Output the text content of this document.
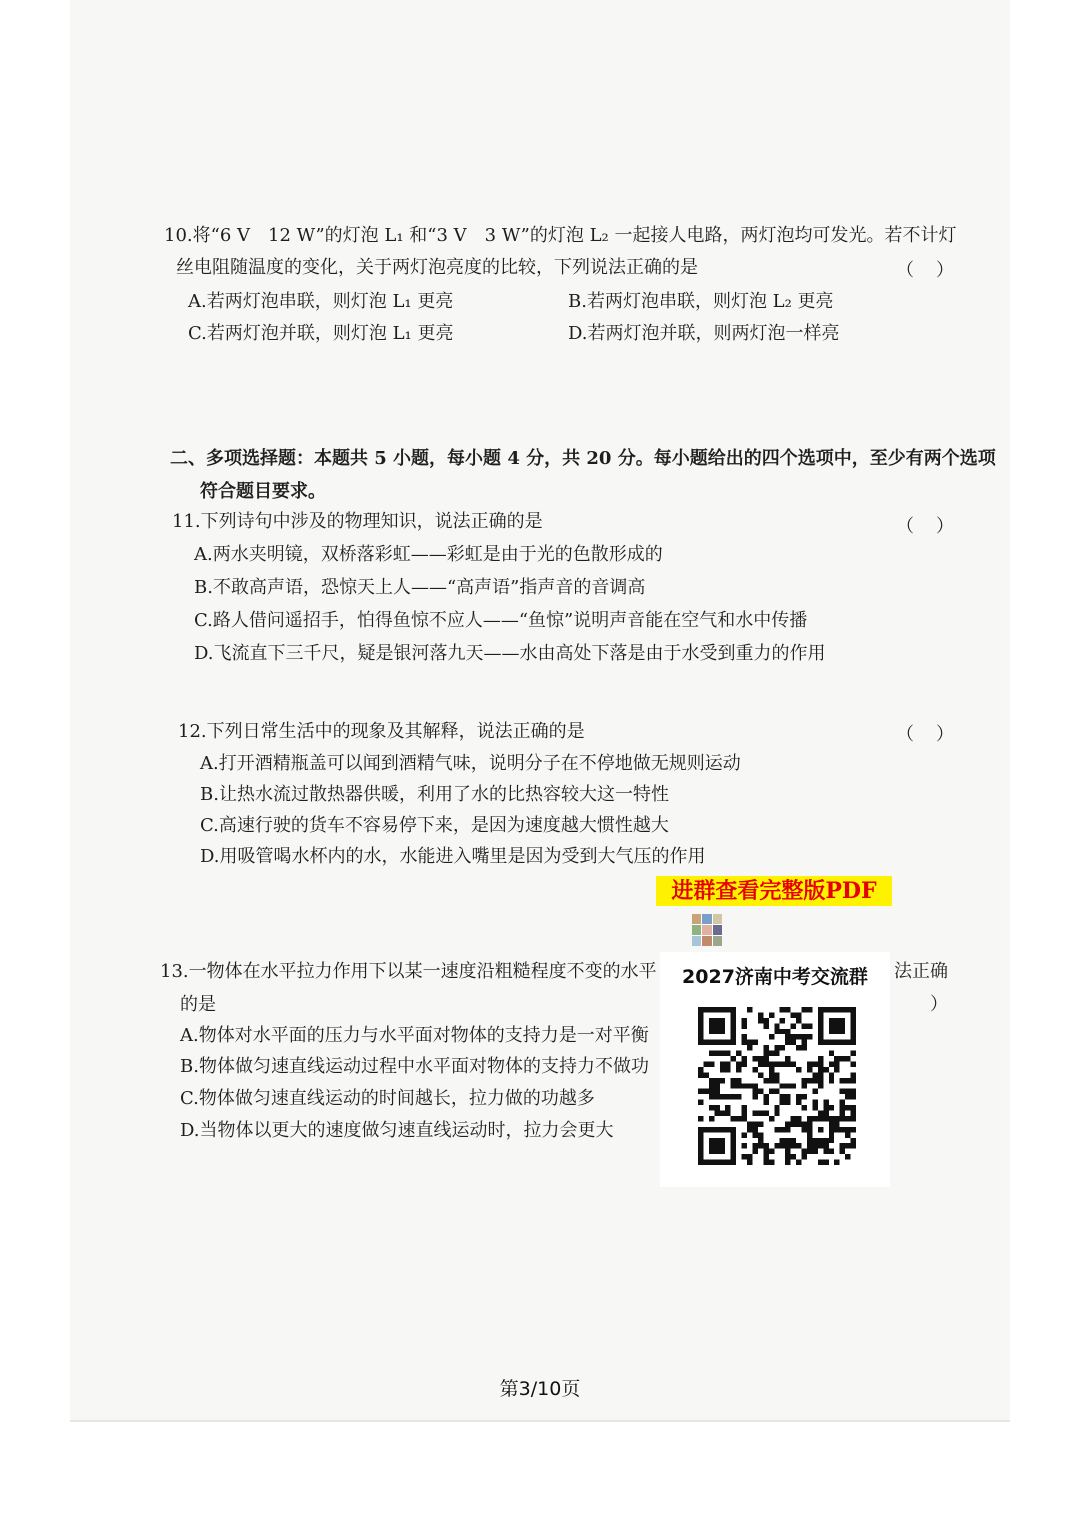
10.将“6 V　12 W”的灯泡 L₁ 和“3 V　3 W”的灯泡 L₂ 一起接人电路，两灯泡均可发光。若不计灯
丝电阻随温度的变化，关于两灯泡亮度的比较，下列说法正确的是	（）
A.若两灯泡串联，则灯泡 L₁ 更亮	B.若两灯泡串联，则灯泡 L₂ 更亮
C.若两灯泡并联，则灯泡 L₁ 更亮	D.若两灯泡并联，则两灯泡一样亮
二、多项选择题：本题共 5 小题，每小题 4 分，共 20 分。每小题给出的四个选项中，至少有两个选项
符合题目要求。
11.下列诗句中涉及的物理知识，说法正确的是	（）
A.两水夹明镜，双桥落彩虹——彩虹是由于光的色散形成的
B.不敢高声语，恐惊天上人——“高声语”指声音的音调高
C.路人借问遥招手，怕得鱼惊不应人——“鱼惊”说明声音能在空气和水中传播
D.飞流直下三千尺，疑是银河落九天——水由高处下落是由于水受到重力的作用
12.下列日常生活中的现象及其解释，说法正确的是	（）
A.打开酒精瓶盖可以闻到酒精气味，说明分子在不停地做无规则运动
B.让热水流过散热器供暖，利用了水的比热容较大这一特性
C.高速行驶的货车不容易停下来，是因为速度越大惯性越大
D.用吸管喝水杯内的水，水能进入嘴里是因为受到大气压的作用
13.一物体在水平拉力作用下以某一速度沿粗糙程度不变的水平	法正确
的是	）
A.物体对水平面的压力与水平面对物体的支持力是一对平衡
B.物体做匀速直线运动过程中水平面对物体的支持力不做功
C.物体做匀速直线运动的时间越长，拉力做的功越多
D.当物体以更大的速度做匀速直线运动时，拉力会更大
进群查看完整版PDF
2027济南中考交流群
第3/10页
